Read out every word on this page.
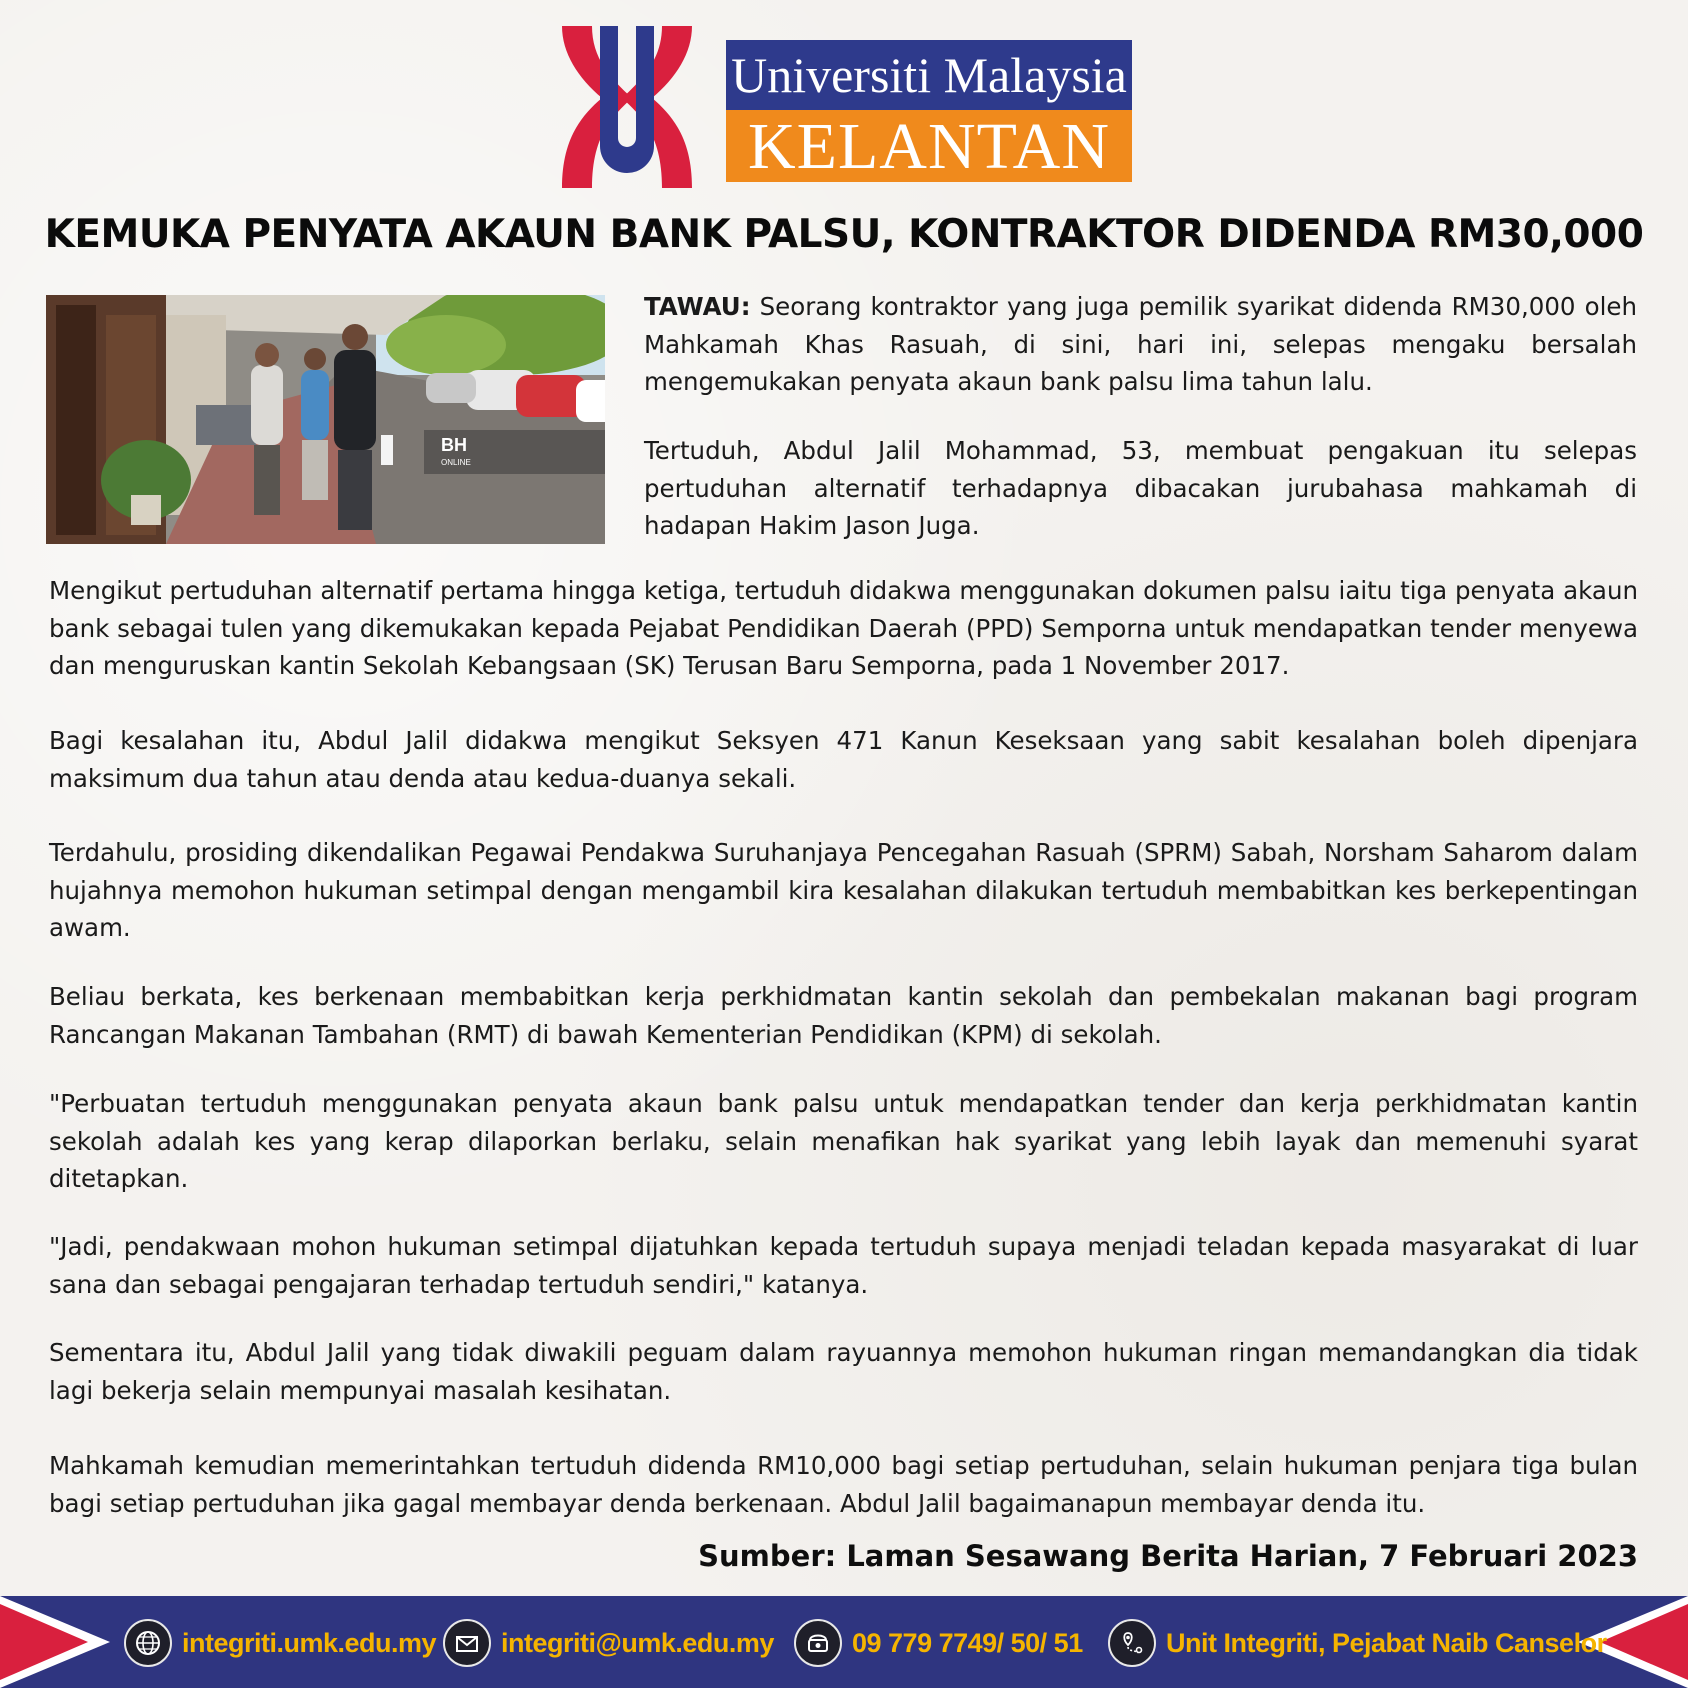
Universiti Malaysia
KELANTAN
KEMUKA PENYATA AKAUN BANK PALSU, KONTRAKTOR DIDENDA RM30,000
BH
ONLINE

TAWAU: Seorang kontraktor yang juga pemilik syarikat didenda RM30,000 oleh Mahkamah Khas Rasuah, di sini, hari ini, selepas mengaku bersalah mengemukakan penyata akaun bank palsu lima tahun lalu.

Tertuduh, Abdul Jalil Mohammad, 53, membuat pengakuan itu selepas pertuduhan alternatif terhadapnya dibacakan jurubahasa mahkamah di hadapan Hakim Jason Juga.

Mengikut pertuduhan alternatif pertama hingga ketiga, tertuduh didakwa menggunakan dokumen palsu iaitu tiga penyata akaun bank sebagai tulen yang dikemukakan kepada Pejabat Pendidikan Daerah (PPD) Semporna untuk mendapatkan tender menyewa dan menguruskan kantin Sekolah Kebangsaan (SK) Terusan Baru Semporna, pada 1 November 2017.

Bagi kesalahan itu, Abdul Jalil didakwa mengikut Seksyen 471 Kanun Keseksaan yang sabit kesalahan boleh dipenjara maksimum dua tahun atau denda atau kedua-duanya sekali.

Terdahulu, prosiding dikendalikan Pegawai Pendakwa Suruhanjaya Pencegahan Rasuah (SPRM) Sabah, Norsham Saharom dalam hujahnya memohon hukuman setimpal dengan mengambil kira kesalahan dilakukan tertuduh membabitkan kes berkepentingan awam.

Beliau berkata, kes berkenaan membabitkan kerja perkhidmatan kantin sekolah dan pembekalan makanan bagi program Rancangan Makanan Tambahan (RMT) di bawah Kementerian Pendidikan (KPM) di sekolah.

"Perbuatan tertuduh menggunakan penyata akaun bank palsu untuk mendapatkan tender dan kerja perkhidmatan kantin sekolah adalah kes yang kerap dilaporkan berlaku, selain menafikan hak syarikat yang lebih layak dan memenuhi syarat ditetapkan.

"Jadi, pendakwaan mohon hukuman setimpal dijatuhkan kepada tertuduh supaya menjadi teladan kepada masyarakat di luar sana dan sebagai pengajaran terhadap tertuduh sendiri," katanya.

Sementara itu, Abdul Jalil yang tidak diwakili peguam dalam rayuannya memohon hukuman ringan memandangkan dia tidak lagi bekerja selain mempunyai masalah kesihatan.

Mahkamah kemudian memerintahkan tertuduh didenda RM10,000 bagi setiap pertuduhan, selain hukuman penjara tiga bulan bagi setiap pertuduhan jika gagal membayar denda berkenaan. Abdul Jalil bagaimanapun membayar denda itu.

Sumber: Laman Sesawang Berita Harian, 7 Februari 2023
integriti.umk.edu.my integriti@umk.edu.my	09 779 7749/ 50/ 51	Unit Integriti, Pejabat Naib Canselor
